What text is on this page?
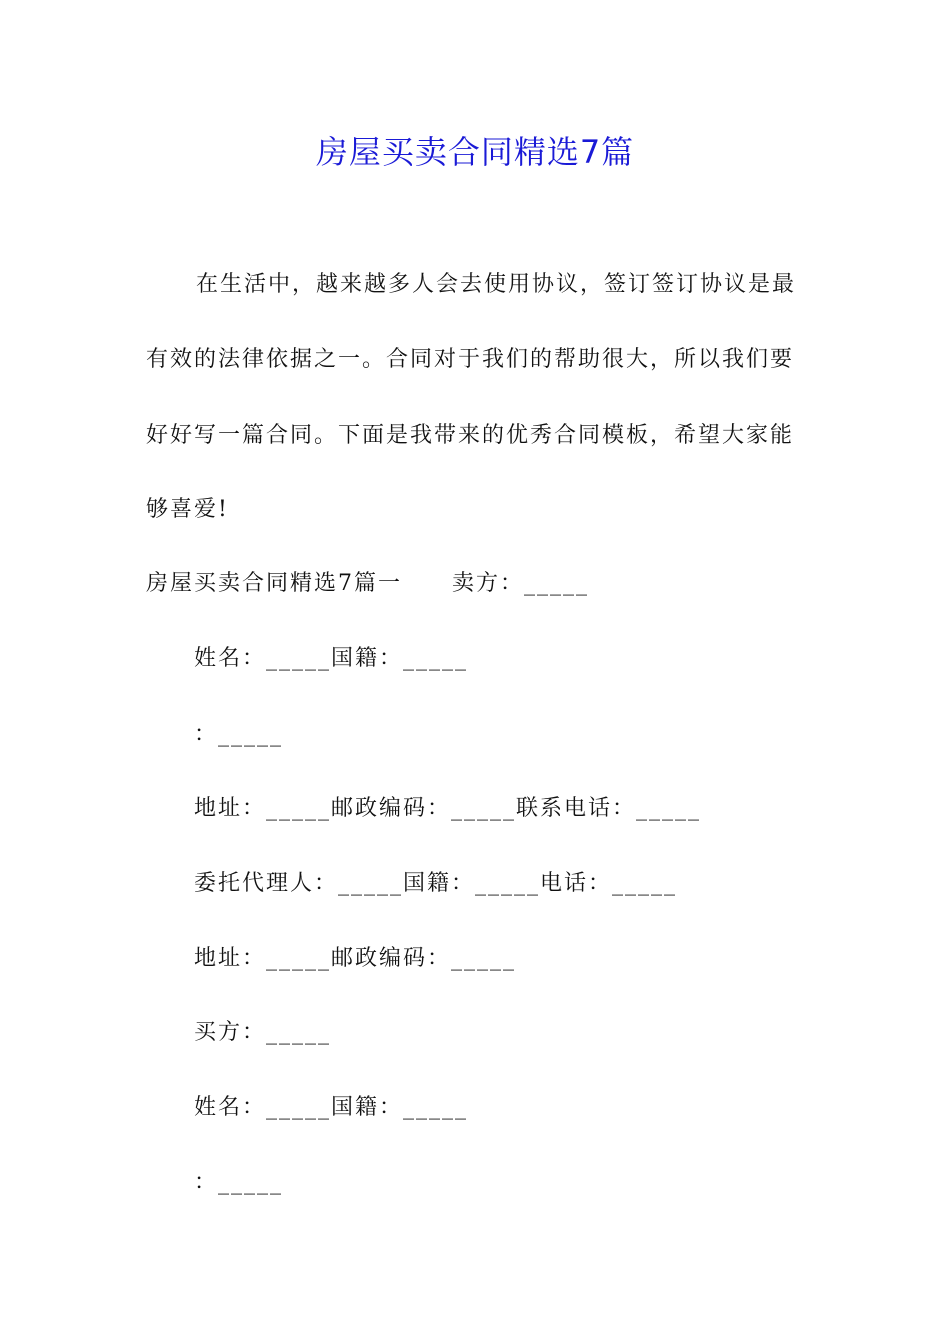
房屋买卖合同精选7篇
在生活中，越来越多人会去使用协议，签订签订协议是最
有效的法律依据之一。合同对于我们的帮助很大，所以我们要
好好写一篇合同。下面是我带来的优秀合同模板，希望大家能
够喜爱!
房屋买卖合同精选7篇一 卖方：_____
姓名：_____国籍：_____
：_____
地址：_____邮政编码：_____联系电话：_____
委托代理人：_____国籍：_____电话：_____
地址：_____邮政编码：_____
买方：_____
姓名：_____国籍：_____
：_____
